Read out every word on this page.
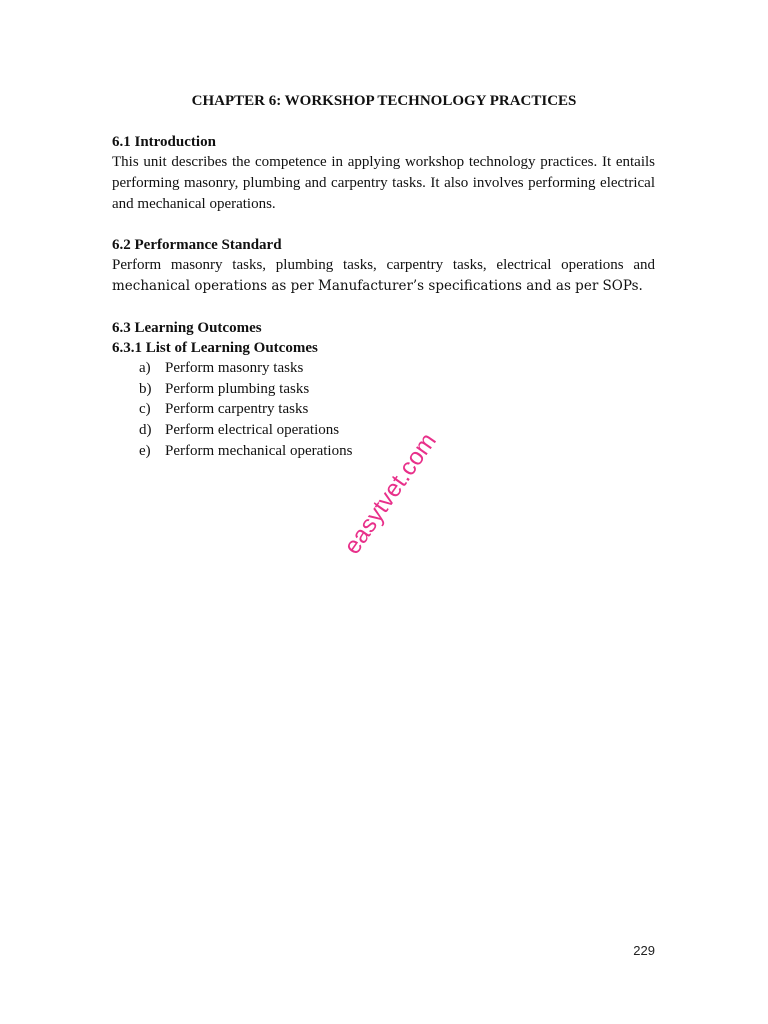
CHAPTER 6: WORKSHOP TECHNOLOGY PRACTICES

6.1 Introduction

This unit describes the competence in applying workshop technology practices. It entails performing masonry, plumbing and carpentry tasks. It also involves performing electrical and mechanical operations.

6.2 Performance Standard

Perform masonry tasks, plumbing tasks, carpentry tasks, electrical operations and

mechanical operations as per Manufacturer’s specifications and as per SOPs.

6.3 Learning Outcomes

6.3.1 List of Learning Outcomes

a) Perform masonry tasks
b) Perform plumbing tasks
c) Perform carpentry tasks
d) Perform electrical operations
e) Perform mechanical operations
easytvet.com
229
